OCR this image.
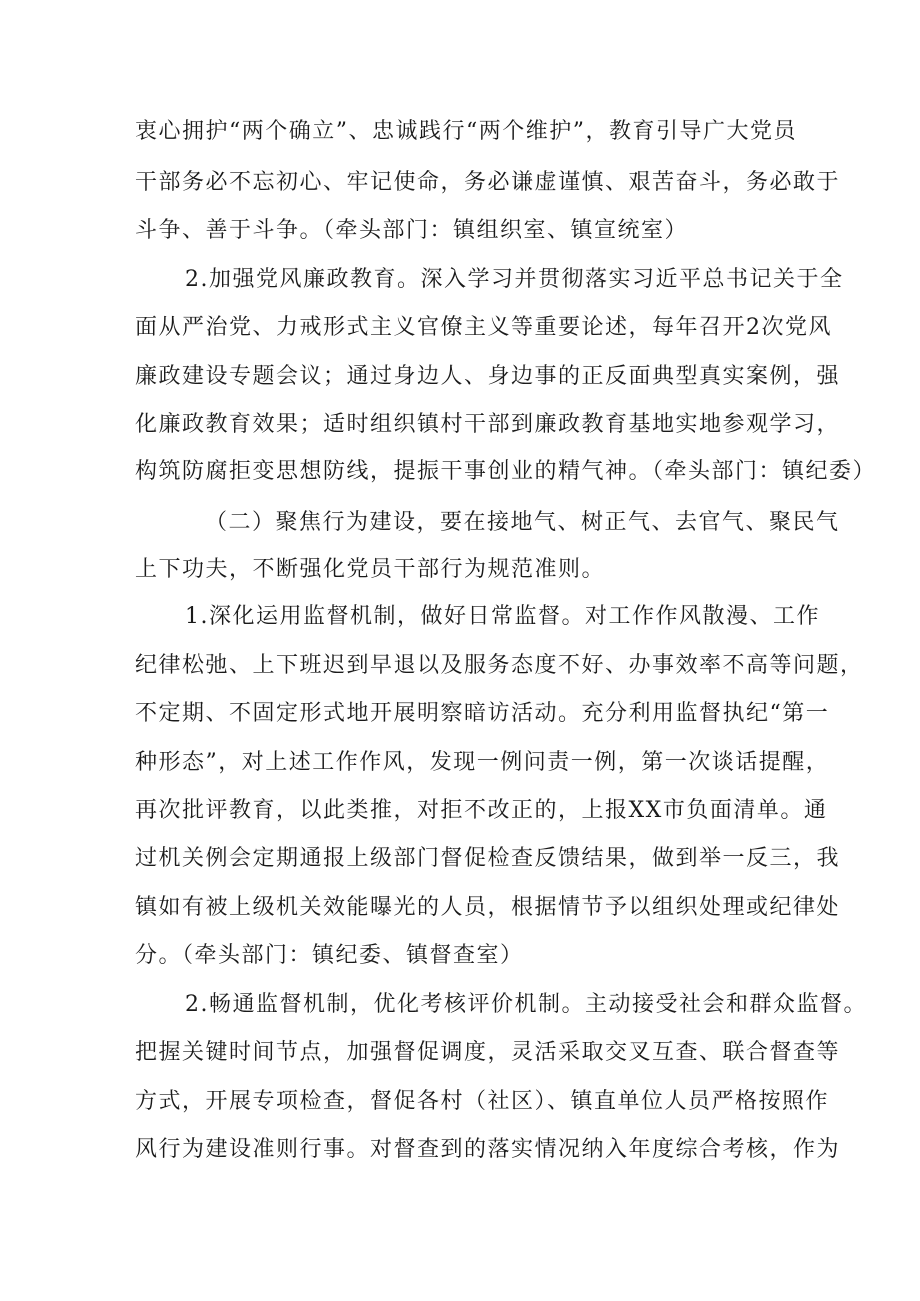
衷心拥护“两个确立”、忠诚践行“两个维护”，教育引导广大党员
干部务必不忘初心、牢记使命，务必谦虚谨慎、艰苦奋斗，务必敢于
斗争、善于斗争。（牵头部门：镇组织室、镇宣统室）
2.加强党风廉政教育。深入学习并贯彻落实习近平总书记关于全
面从严治党、力戒形式主义官僚主义等重要论述，每年召开2次党风
廉政建设专题会议；通过身边人、身边事的正反面典型真实案例，强
化廉政教育效果；适时组织镇村干部到廉政教育基地实地参观学习，
构筑防腐拒变思想防线，提振干事创业的精气神。（牵头部门：镇纪委）
（二）聚焦行为建设，要在接地气、树正气、去官气、聚民气
上下功夫，不断强化党员干部行为规范准则。
1.深化运用监督机制，做好日常监督。对工作作风散漫、工作
纪律松弛、上下班迟到早退以及服务态度不好、办事效率不高等问题，
不定期、不固定形式地开展明察暗访活动。充分利用监督执纪“第一
种形态”，对上述工作作风，发现一例问责一例，第一次谈话提醒，
再次批评教育，以此类推，对拒不改正的，上报XX市负面清单。通
过机关例会定期通报上级部门督促检查反馈结果，做到举一反三，我
镇如有被上级机关效能曝光的人员，根据情节予以组织处理或纪律处
分。（牵头部门：镇纪委、镇督查室）
2.畅通监督机制，优化考核评价机制。主动接受社会和群众监督。
把握关键时间节点，加强督促调度，灵活采取交叉互查、联合督查等
方式，开展专项检查，督促各村（社区）、镇直单位人员严格按照作
风行为建设准则行事。对督查到的落实情况纳入年度综合考核，作为
